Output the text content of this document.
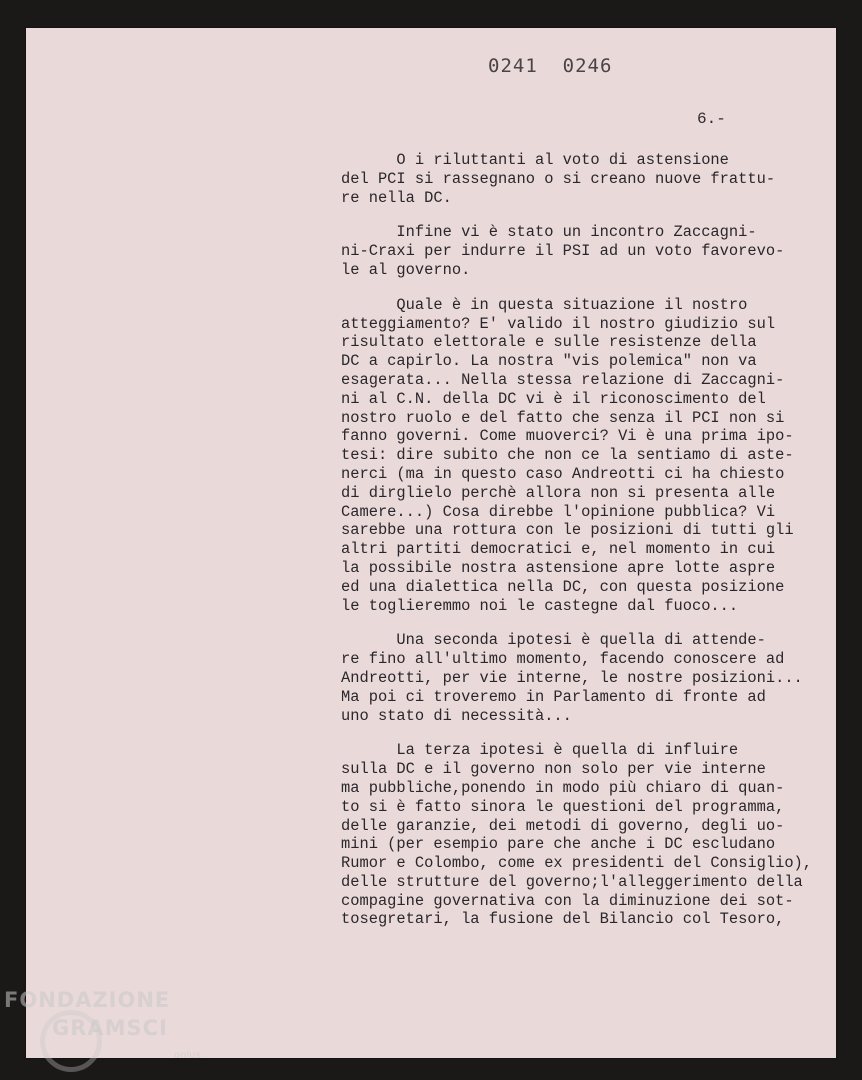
0241  0246
6.-
O i riluttanti al voto di astensione
del PCI si rassegnano o si creano nuove frattu-
re nella DC.
Infine vi è stato un incontro Zaccagni-
ni-Craxi per indurre il PSI ad un voto favorevo-
le al governo.
Quale è in questa situazione il nostro
atteggiamento? E' valido il nostro giudizio sul
risultato elettorale e sulle resistenze della
DC a capirlo. La nostra "vis polemica" non va
esagerata... Nella stessa relazione di Zaccagni-
ni al C.N. della DC vi è il riconoscimento del
nostro ruolo e del fatto che senza il PCI non si
fanno governi. Come muoverci? Vi è una prima ipo-
tesi: dire subito che non ce la sentiamo di aste-
nerci (ma in questo caso Andreotti ci ha chiesto
di dirglielo perchè allora non si presenta alle
Camere...) Cosa direbbe l'opinione pubblica? Vi
sarebbe una rottura con le posizioni di tutti gli
altri partiti democratici e, nel momento in cui
la possibile nostra astensione apre lotte aspre
ed una dialettica nella DC, con questa posizione
le toglieremmo noi le castegne dal fuoco...
Una seconda ipotesi è quella di attende-
re fino all'ultimo momento, facendo conoscere ad
Andreotti, per vie interne, le nostre posizioni...
Ma poi ci troveremo in Parlamento di fronte ad
uno stato di necessità...
La terza ipotesi è quella di influire
sulla DC e il governo non solo per vie interne
ma pubbliche,ponendo in modo più chiaro di quan-
to si è fatto sinora le questioni del programma,
delle garanzie, dei metodi di governo, degli uo-
mini (per esempio pare che anche i DC escludano
Rumor e Colombo, come ex presidenti del Consiglio),
delle strutture del governo;l'alleggerimento della
compagine governativa con la diminuzione dei sot-
tosegretari, la fusione del Bilancio col Tesoro,
FONDAZIONE
GRAMSCI
onlus
